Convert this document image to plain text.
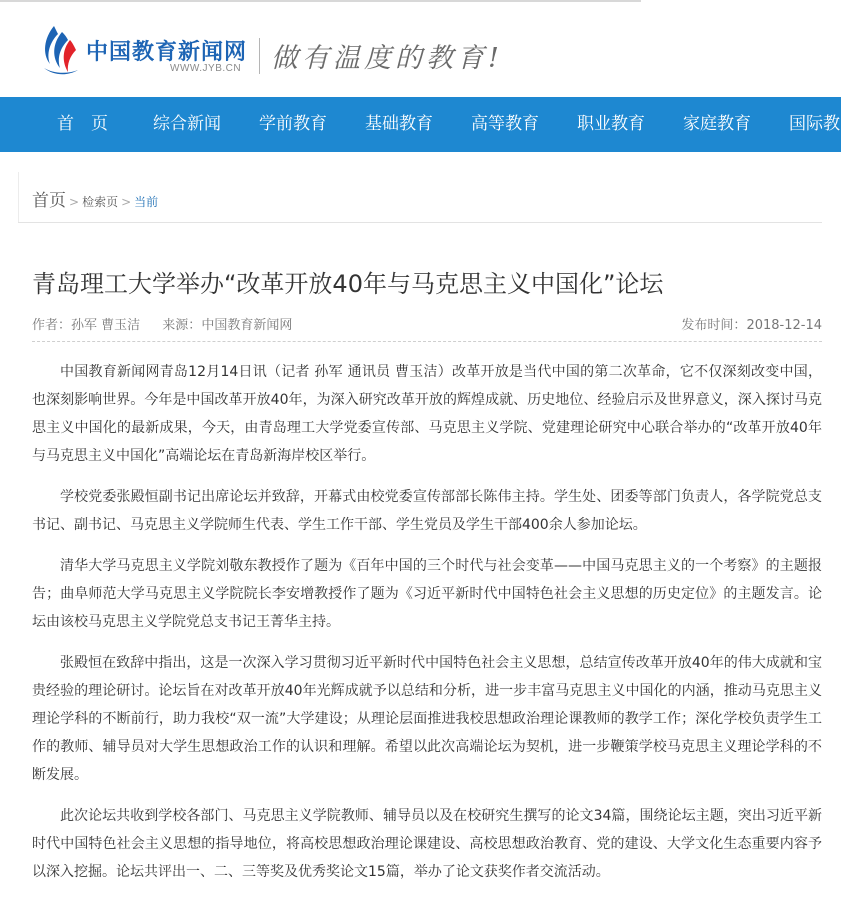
中国教育新闻网
WWW.JYB.CN 做有温度的教育!
首　页	综合新闻 学前教育 基础教育 高等教育 职业教育 家庭教育 国际教育
首页 > 检索页 > 当前
青岛理工大学举办“改革开放40年与马克思主义中国化”论坛
作者：孙军 曹玉洁 来源：中国教育新闻网	发布时间：2018-12-14

中国教育新闻网青岛12月14日讯（记者 孙军 通讯员 曹玉洁）改革开放是当代中国的第二次革命，它不仅深刻改变中国，也深刻影响世界。今年是中国改革开放40年，为深入研究改革开放的辉煌成就、历史地位、经验启示及世界意义，深入探讨马克思主义中国化的最新成果，今天，由青岛理工大学党委宣传部、马克思主义学院、党建理论研究中心联合举办的“改革开放40年与马克思主义中国化”高端论坛在青岛新海岸校区举行。

学校党委张殿恒副书记出席论坛并致辞，开幕式由校党委宣传部部长陈伟主持。学生处、团委等部门负责人，各学院党总支书记、副书记、马克思主义学院师生代表、学生工作干部、学生党员及学生干部400余人参加论坛。

清华大学马克思主义学院刘敬东教授作了题为《百年中国的三个时代与社会变革——中国马克思主义的一个考察》的主题报告；曲阜师范大学马克思主义学院院长李安增教授作了题为《习近平新时代中国特色社会主义思想的历史定位》的主题发言。论坛由该校马克思主义学院党总支书记王菁华主持。

张殿恒在致辞中指出，这是一次深入学习贯彻习近平新时代中国特色社会主义思想，总结宣传改革开放40年的伟大成就和宝贵经验的理论研讨。论坛旨在对改革开放40年光辉成就予以总结和分析，进一步丰富马克思主义中国化的内涵，推动马克思主义理论学科的不断前行，助力我校“双一流”大学建设；从理论层面推进我校思想政治理论课教师的教学工作；深化学校负责学生工作的教师、辅导员对大学生思想政治工作的认识和理解。希望以此次高端论坛为契机，进一步鞭策学校马克思主义理论学科的不断发展。

此次论坛共收到学校各部门、马克思主义学院教师、辅导员以及在校研究生撰写的论文34篇，围绕论坛主题，突出习近平新时代中国特色社会主义思想的指导地位，将高校思想政治理论课建设、高校思想政治教育、党的建设、大学文化生态重要内容予以深入挖掘。论坛共评出一、二、三等奖及优秀奖论文15篇，举办了论文获奖作者交流活动。
